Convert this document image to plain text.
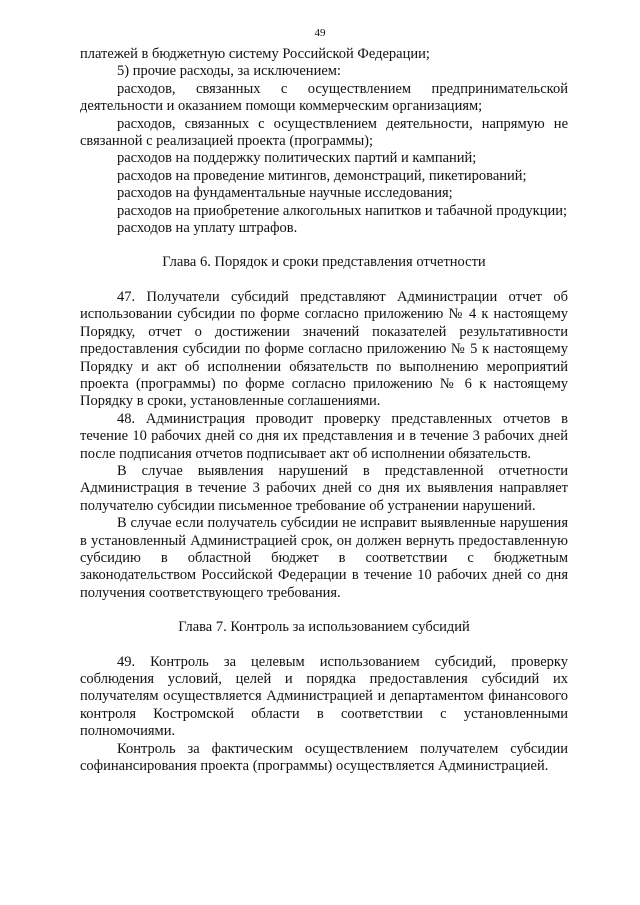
49

платежей в бюджетную систему Российской Федерации;

5) прочие расходы, за исключением:

расходов, связанных с осуществлением предпринимательской деятельности и оказанием помощи коммерческим организациям;

расходов, связанных с осуществлением деятельности, напрямую не связанной с реализацией проекта (программы);

расходов на поддержку политических партий и кампаний;

расходов на проведение митингов, демонстраций, пикетирований;

расходов на фундаментальные научные исследования;

расходов на приобретение алкогольных напитков и табачной продукции;

расходов на уплату штрафов.

Глава 6. Порядок и сроки представления отчетности

47. Получатели субсидий представляют Администрации отчет об использовании субсидии по форме согласно приложению № 4 к настоящему Порядку, отчет о достижении значений показателей результативности предоставления субсидии по форме согласно приложению № 5 к настоящему Порядку и акт об исполнении обязательств по выполнению мероприятий проекта (программы) по форме согласно приложению № 6 к настоящему Порядку в сроки, установленные соглашениями.

48. Администрация проводит проверку представленных отчетов в течение 10 рабочих дней со дня их представления и в течение 3 рабочих дней после подписания отчетов подписывает акт об исполнении обязательств.

В случае выявления нарушений в представленной отчетности Администрация в течение 3 рабочих дней со дня их выявления направляет получателю субсидии письменное требование об устранении нарушений.

В случае если получатель субсидии не исправит выявленные нарушения в установленный Администрацией срок, он должен вернуть предоставленную субсидию в областной бюджет в соответствии с бюджетным законодательством Российской Федерации в течение 10 рабочих дней со дня получения соответствующего требования.

Глава 7. Контроль за использованием субсидий

49. Контроль за целевым использованием субсидий, проверку соблюдения условий, целей и порядка предоставления субсидий их получателям осуществляется Администрацией и департаментом финансового контроля Костромской области в соответствии с установленными полномочиями.

Контроль за фактическим осуществлением получателем субсидии софинансирования проекта (программы) осуществляется Администрацией.
